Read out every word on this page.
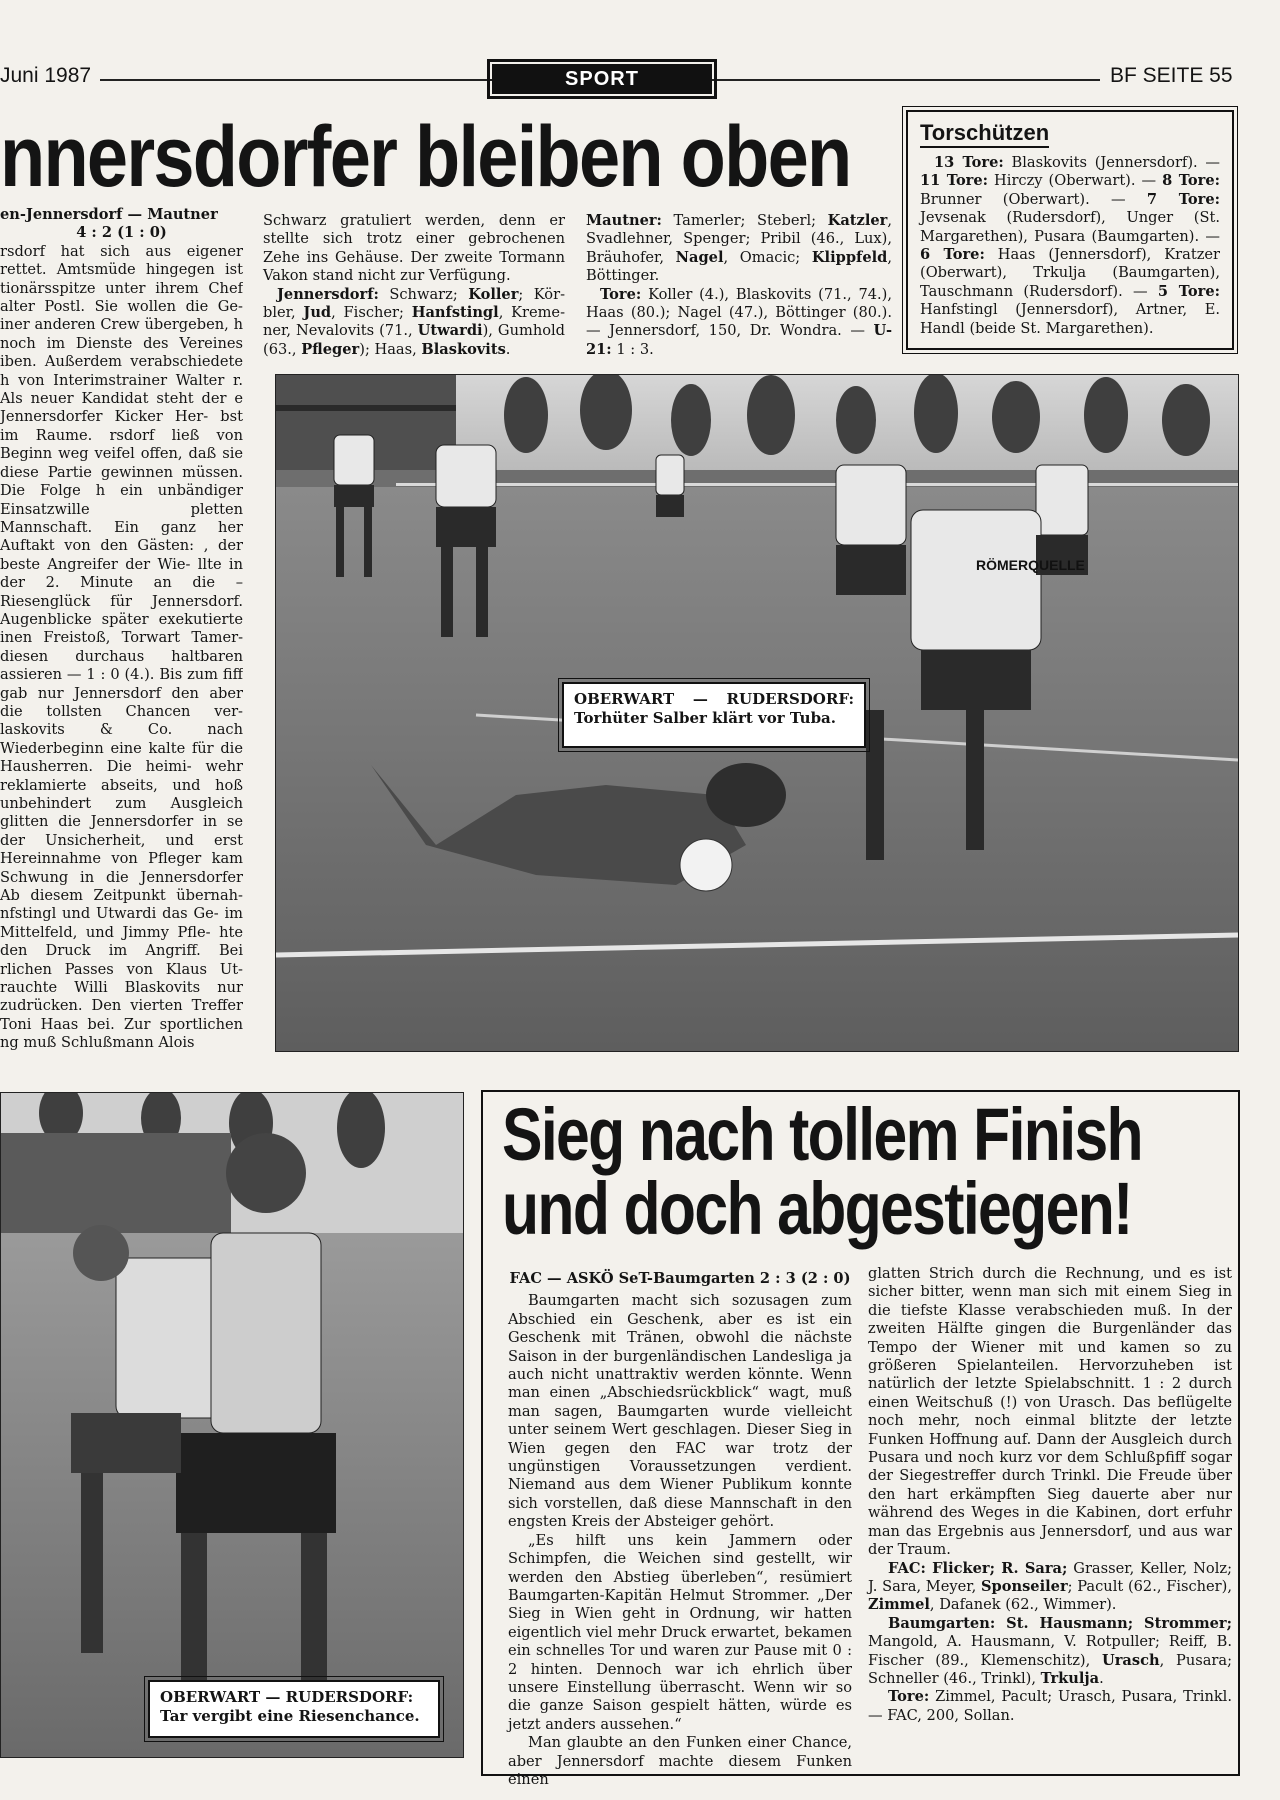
Juni 1987	SPORT	BF SEITE 55
nnersdorfer bleiben oben

en-Jennersdorf — Mautner

4 : 2 (1 : 0)

rsdorf hat sich aus eigener rettet. Amtsmüde hingegen ist tionärsspitze unter ihrem Chef alter Postl. Sie wollen die Ge- iner anderen Crew übergeben, h noch im Dienste des Vereines iben. Außerdem verabschiedete h von Interimstrainer Walter r. Als neuer Kandidat steht der e Jennersdorfer Kicker Her- bst im Raume. rsdorf ließ von Beginn weg veifel offen, daß sie diese Partie gewinnen müssen. Die Folge h ein unbändiger Einsatzwille pletten Mannschaft. Ein ganz her Auftakt von den Gästen: , der beste Angreifer der Wie- llte in der 2. Minute an die – Riesenglück für Jennersdorf. Augenblicke später exekutierte inen Freistoß, Torwart Tamer- diesen durchaus haltbaren assieren — 1 : 0 (4.). Bis zum fiff gab nur Jennersdorf den aber die tollsten Chancen ver- laskovits & Co. nach Wiederbeginn eine kalte für die Hausherren. Die heimi- wehr reklamierte abseits, und hoß unbehindert zum Ausgleich glitten die Jennersdorfer in se der Unsicherheit, und erst Hereinnahme von Pfleger kam Schwung in die Jennersdorfer Ab diesem Zeitpunkt übernah- nfstingl und Utwardi das Ge- im Mittelfeld, und Jimmy Pfle- hte den Druck im Angriff. Bei rlichen Passes von Klaus Ut- rauchte Willi Blaskovits nur zudrücken. Den vierten Treffer Toni Haas bei. Zur sportlichen ng muß Schlußmann Alois

Schwarz gratuliert werden, denn er stellte sich trotz einer gebrochenen Zehe ins Gehäuse. Der zweite Tormann Vakon stand nicht zur Verfügung.

Jennersdorf: Schwarz; Koller; Kör- bler, Jud, Fischer; Hanfstingl, Kreme- ner, Nevalovits (71., Utwardi), Gumhold (63., Pfleger); Haas, Blaskovits.

Mautner: Tamerler; Steberl; Katzler, Svadlehner, Spenger; Pribil (46., Lux), Bräuhofer, Nagel, Omacic; Klippfeld, Böttinger.

Tore: Koller (4.), Blaskovits (71., 74.), Haas (80.); Nagel (47.), Böttinger (80.). — Jennersdorf, 150, Dr. Wondra. — U-21: 1 : 3.

Torschützen

13 Tore: Blaskovits (Jennersdorf). — 11 Tore: Hirczy (Oberwart). — 8 Tore: Brunner (Oberwart). — 7 Tore: Jevsenak (Rudersdorf), Unger (St. Margarethen), Pusara (Baumgarten). — 6 Tore: Haas (Jennersdorf), Kratzer (Oberwart), Trkulja (Baumgarten), Tauschmann (Rudersdorf). — 5 Tore: Hanfstingl (Jennersdorf), Artner, E. Handl (beide St. Margarethen).

RÖMERQUELLE
OBERWART — RUDERSDORF:
Torhüter Salber klärt vor Tuba.
OBERWART — RUDERSDORF: Tar vergibt eine Riesenchance.
Sieg nach tollem Finish
und doch abgestiegen!

FAC — ASKÖ SeT-Baumgarten 2 : 3 (2 : 0)

Baumgarten macht sich sozusagen zum Abschied ein Geschenk, aber es ist ein Geschenk mit Tränen, obwohl die nächste Saison in der burgenländischen Landesliga ja auch nicht unattraktiv werden könnte. Wenn man einen „Abschiedsrückblick“ wagt, muß man sagen, Baumgarten wurde vielleicht unter seinem Wert geschlagen. Dieser Sieg in Wien gegen den FAC war trotz der ungünstigen Voraussetzungen verdient. Niemand aus dem Wiener Publikum konnte sich vorstellen, daß diese Mannschaft in den engsten Kreis der Absteiger gehört.

„Es hilft uns kein Jammern oder Schimpfen, die Weichen sind gestellt, wir werden den Abstieg überleben“, resümiert Baumgarten-Kapitän Helmut Strommer. „Der Sieg in Wien geht in Ordnung, wir hatten eigentlich viel mehr Druck erwartet, bekamen ein schnelles Tor und waren zur Pause mit 0 : 2 hinten. Dennoch war ich ehrlich über unsere Einstellung überrascht. Wenn wir so die ganze Saison gespielt hätten, würde es jetzt anders aussehen.“

Man glaubte an den Funken einer Chance, aber Jennersdorf machte diesem Funken einen

glatten Strich durch die Rechnung, und es ist sicher bitter, wenn man sich mit einem Sieg in die tiefste Klasse verabschieden muß. In der zweiten Hälfte gingen die Burgenländer das Tempo der Wiener mit und kamen so zu größeren Spielanteilen. Hervorzuheben ist natürlich der letzte Spielabschnitt. 1 : 2 durch einen Weitschuß (!) von Urasch. Das beflügelte noch mehr, noch einmal blitzte der letzte Funken Hoffnung auf. Dann der Ausgleich durch Pusara und noch kurz vor dem Schlußpfiff sogar der Siegestreffer durch Trinkl. Die Freude über den hart erkämpften Sieg dauerte aber nur während des Weges in die Kabinen, dort erfuhr man das Ergebnis aus Jennersdorf, und aus war der Traum.

FAC: Flicker; R. Sara; Grasser, Keller, Nolz; J. Sara, Meyer, Sponseiler; Pacult (62., Fischer), Zimmel, Dafanek (62., Wimmer).

Baumgarten: St. Hausmann; Strommer; Mangold, A. Hausmann, V. Rotpuller; Reiff, B. Fischer (89., Klemenschitz), Urasch, Pusara; Schneller (46., Trinkl), Trkulja.

Tore: Zimmel, Pacult; Urasch, Pusara, Trinkl. — FAC, 200, Sollan.
